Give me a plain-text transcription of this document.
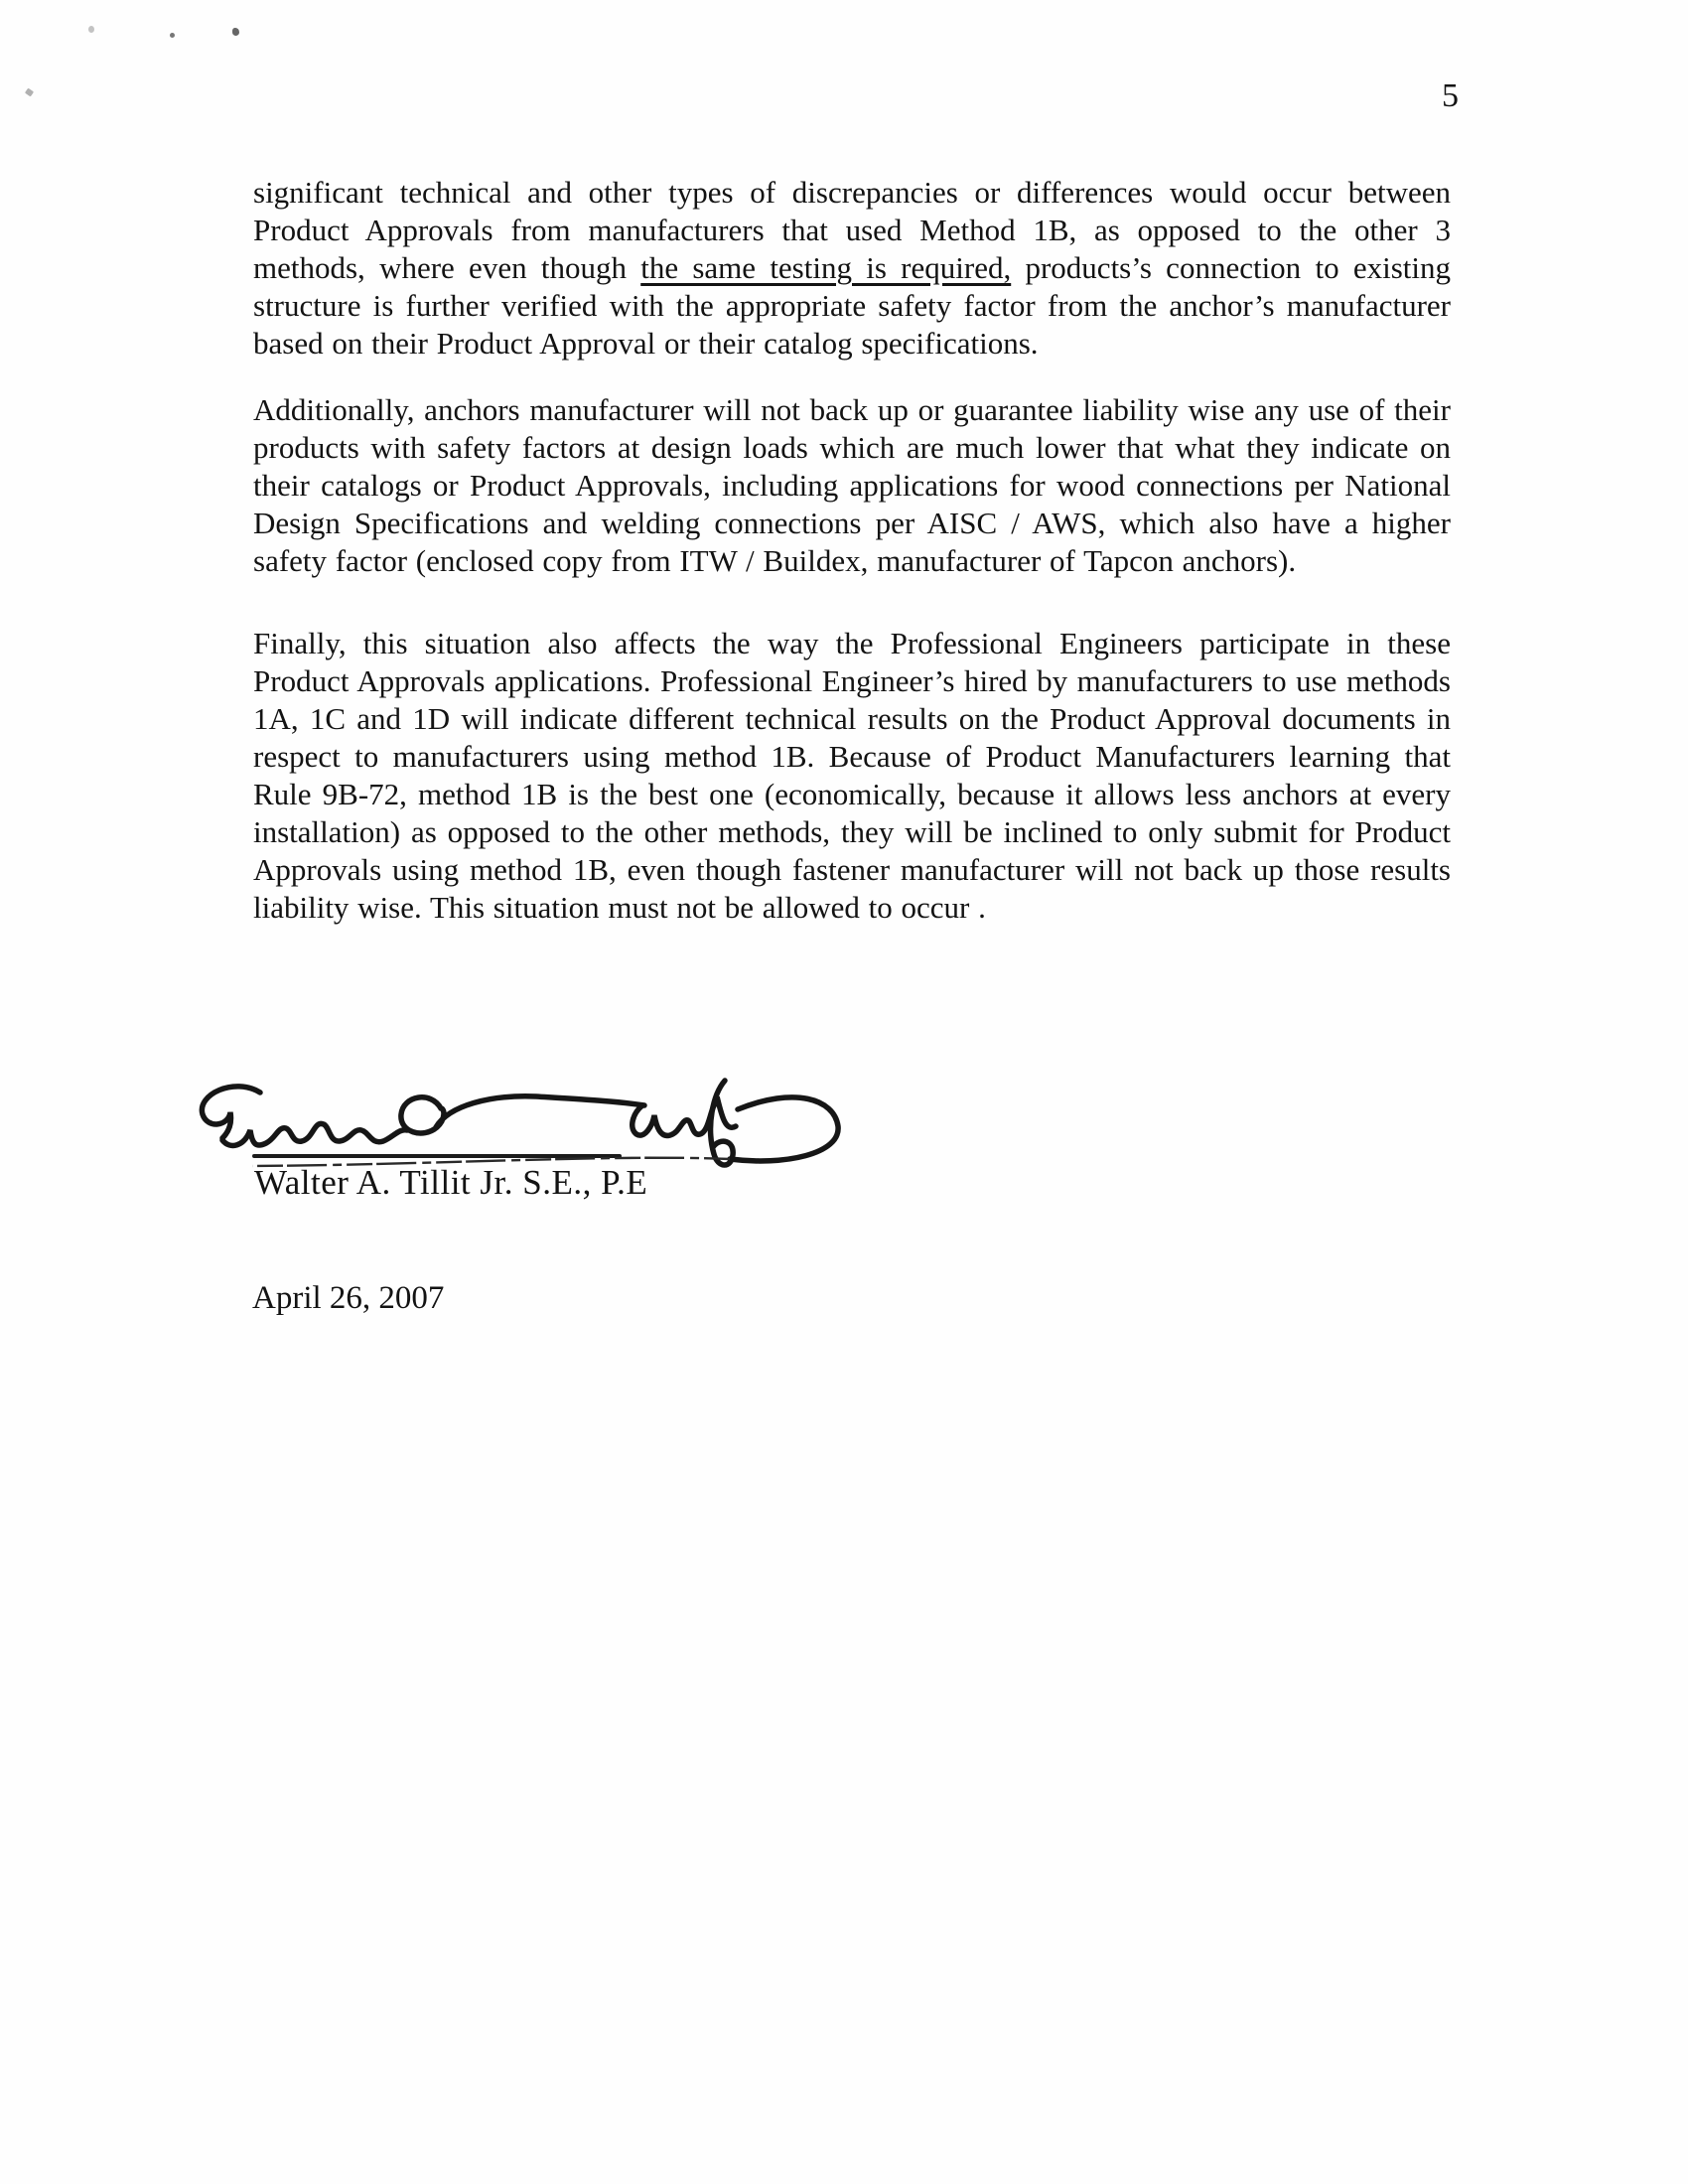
5

significant technical and other types of discrepancies or differences would occur between Product Approvals from manufacturers that used Method 1B, as opposed to the other 3 methods, where even though the same testing is required, products’s connection to existing structure is further verified with the appropriate safety factor from the anchor’s manufacturer based on their Product Approval or their catalog specifications.

Additionally, anchors manufacturer will not back up or guarantee liability wise any use of their products with safety factors at design loads which are much lower that what they indicate on their catalogs or Product Approvals, including applications for wood connections per National Design Specifications and welding connections per AISC / AWS, which also have a higher safety factor (enclosed copy from ITW / Buildex, manufacturer of Tapcon anchors).

Finally, this situation also affects the way the Professional Engineers participate in these Product Approvals applications. Professional Engineer’s hired by manufacturers to use methods 1A, 1C and 1D will indicate different technical results on the Product Approval documents in respect to manufacturers using method 1B. Because of Product Manufacturers learning that Rule 9B-72, method 1B is the best one (economically, because it allows less anchors at every installation) as opposed to the other methods, they will be inclined to only submit for Product Approvals using method 1B, even though fastener manufacturer will not back up those results liability wise. This situation must not be allowed to occur .

Walter A. Tillit Jr. S.E., P.E
April 26, 2007
